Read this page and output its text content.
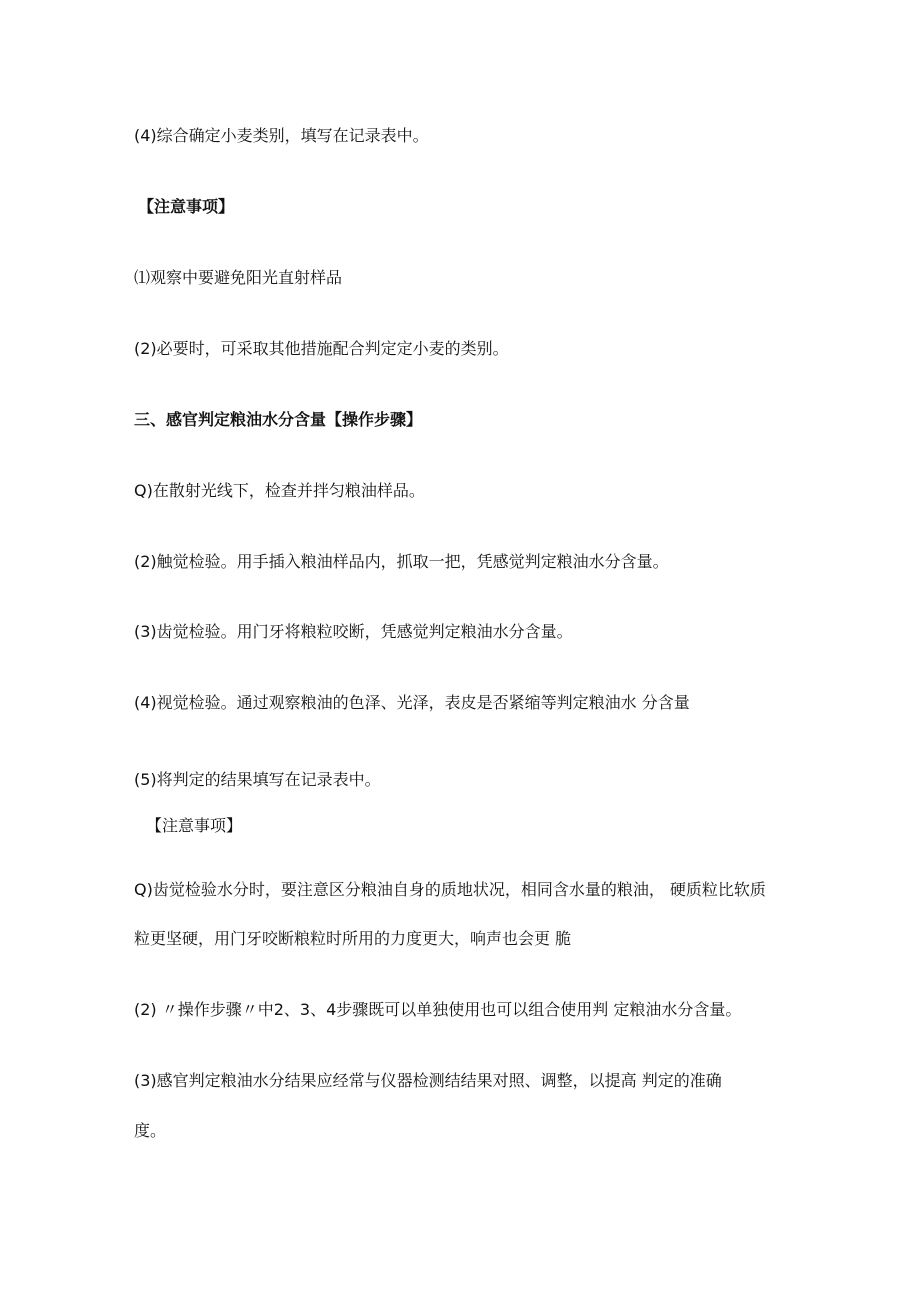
(4)综合确定小麦类别，填写在记录表中。
【注意事项】
⑴观察中要避免阳光直射样品
(2)必要时，可采取其他措施配合判定定小麦的类别。
三、感官判定粮油水分含量【操作步骤】
Q)在散射光线下，检查并拌匀粮油样品。
(2)触觉检验。用手插入粮油样品内，抓取一把，凭感觉判定粮油水分含量。
(3)齿觉检验。用门牙将粮粒咬断，凭感觉判定粮油水分含量。
(4)视觉检验。通过观察粮油的色泽、光泽，表皮是否紧缩等判定粮油水 分含量
(5)将判定的结果填写在记录表中。
【注意事项】
Q)齿觉检验水分时，要注意区分粮油自身的质地状况，相同含水量的粮油， 硬质粒比软质
粒更坚硬，用门牙咬断粮粒时所用的力度更大，响声也会更 脆
(2) 〃操作步骤〃中2、3、4步骤既可以单独使用也可以组合使用判 定粮油水分含量。
(3)感官判定粮油水分结果应经常与仪器检测结结果对照、调整，以提高 判定的准确
度。
